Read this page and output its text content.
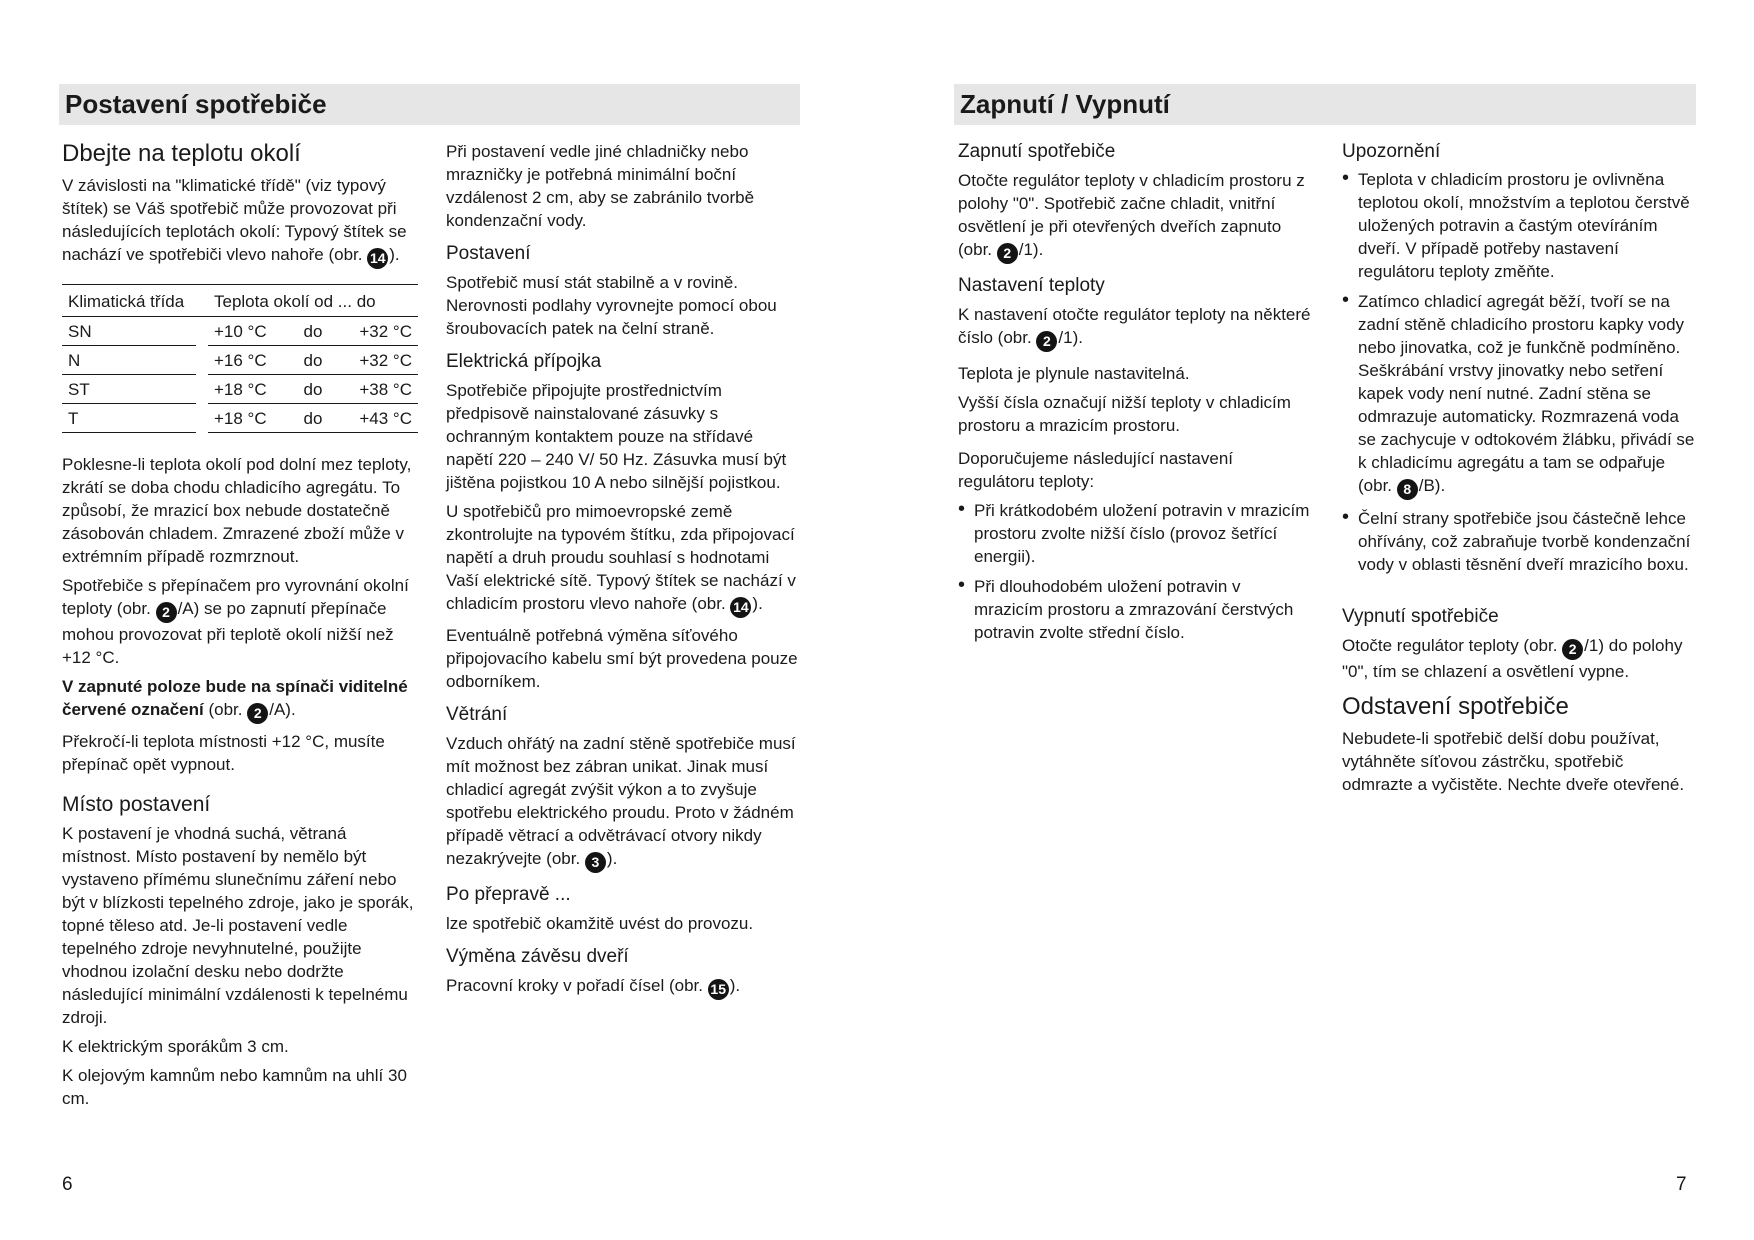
Postavení spotřebiče
Dbejte na teplotu okolí

V závislosti na "klimatické třídě" (viz typový štítek) se Váš spotřebič může provozovat při následujících teplotách okolí: Typový štítek se nachází ve spotřebiči vlevo nahoře (obr. 14 ).

Klimatická třída		Teplota okolí od ... do		
SN		+10 °C	do	+32 °C
N		+16 °C	do	+32 °C
ST		+18 °C	do	+38 °C
T		+18 °C	do	+43 °C

Poklesne-li teplota okolí pod dolní mez teploty, zkrátí se doba chodu chladicího agregátu. To způsobí, že mrazicí box nebude dostatečně zásobován chladem. Zmrazené zboží může v extrémním případě rozmrznout.

Spotřebiče s přepínačem pro vyrovnání okolní teploty (obr. 2 /A) se po zapnutí přepínače mohou provozovat při teplotě okolí nižší než +12 °C.

V zapnuté poloze bude na spínači viditelné červené označení (obr. 2 /A).

Překročí-li teplota místnosti +12 °C, musíte přepínač opět vypnout.

Místo postavení

K postavení je vhodná suchá, větraná místnost. Místo postavení by nemělo být vystaveno přímému slunečnímu záření nebo být v blízkosti tepelného zdroje, jako je sporák, topné těleso atd. Je-li postavení vedle tepelného zdroje nevyhnutelné, použijte vhodnou izolační desku nebo dodržte následující minimální vzdálenosti k tepelnému zdroji.

K elektrickým sporákům 3 cm.

K olejovým kamnům nebo kamnům na uhlí 30 cm.

Při postavení vedle jiné chladničky nebo mrazničky je potřebná minimální boční vzdálenost 2 cm, aby se zabránilo tvorbě kondenzační vody.

Postavení

Spotřebič musí stát stabilně a v rovině. Nerovnosti podlahy vyrovnejte pomocí obou šroubovacích patek na čelní straně.

Elektrická přípojka

Spotřebiče připojujte prostřednictvím předpisově nainstalované zásuvky s ochranným kontaktem pouze na střídavé napětí 220 – 240 V/ 50 Hz. Zásuvka musí být jištěna pojistkou 10 A nebo silnější pojistkou.

U spotřebičů pro mimoevropské země zkontrolujte na typovém štítku, zda připojovací napětí a druh proudu souhlasí s hodnotami Vaší elektrické sítě. Typový štítek se nachází v chladicím prostoru vlevo nahoře (obr. 14 ).

Eventuálně potřebná výměna síťového připojovacího kabelu smí být provedena pouze odborníkem.

Větrání

Vzduch ohřátý na zadní stěně spotřebiče musí mít možnost bez zábran unikat. Jinak musí chladicí agregát zvýšit výkon a to zvyšuje spotřebu elektrického proudu. Proto v žádném případě větrací a odvětrávací otvory nikdy nezakrývejte (obr. 3 ).

Po přepravě ...

lze spotřebič okamžitě uvést do provozu.

Výměna závěsu dveří

Pracovní kroky v pořadí čísel (obr. 15 ).

6
Zapnutí / Vypnutí
Zapnutí spotřebiče

Otočte regulátor teploty v chladicím prostoru z polohy "0". Spotřebič začne chladit, vnitřní osvětlení je při otevřených dveřích zapnuto (obr. 2 /1).

Nastavení teploty

K nastavení otočte regulátor teploty na některé číslo (obr. 2 /1).

Teplota je plynule nastavitelná.

Vyšší čísla označují nižší teploty v chladicím prostoru a mrazicím prostoru.

Doporučujeme následující nastavení regulátoru teploty:

• Při krátkodobém uložení potravin v mrazicím prostoru zvolte nižší číslo (provoz šetřící energii).
• Při dlouhodobém uložení potravin v mrazicím prostoru a zmrazování čerstvých potravin zvolte střední číslo.
Upozornění
• Teplota v chladicím prostoru je ovlivněna teplotou okolí, množstvím a teplotou čerstvě uložených potravin a častým otevíráním dveří. V případě potřeby nastavení regulátoru teploty změňte.
• Zatímco chladicí agregát běží, tvoří se na zadní stěně chladicího prostoru kapky vody nebo jinovatka, což je funkčně podmíněno.
Seškrábání vrstvy jinovatky nebo setření kapek vody není nutné. Zadní stěna se odmrazuje automaticky. Rozmrazená voda se zachycuje v odtokovém žlábku, přivádí se k chladicímu agregátu a tam se odpařuje (obr. 8 /B).
• Čelní strany spotřebiče jsou částečně lehce ohřívány, což zabraňuje tvorbě kondenzační vody v oblasti těsnění dveří mrazicího boxu.
Vypnutí spotřebiče

Otočte regulátor teploty (obr. 2 /1) do polohy "0", tím se chlazení a osvětlení vypne.

Odstavení spotřebiče

Nebudete-li spotřebič delší dobu používat, vytáhněte síťovou zástrčku, spotřebič odmrazte a vyčistěte. Nechte dveře otevřené.

7
